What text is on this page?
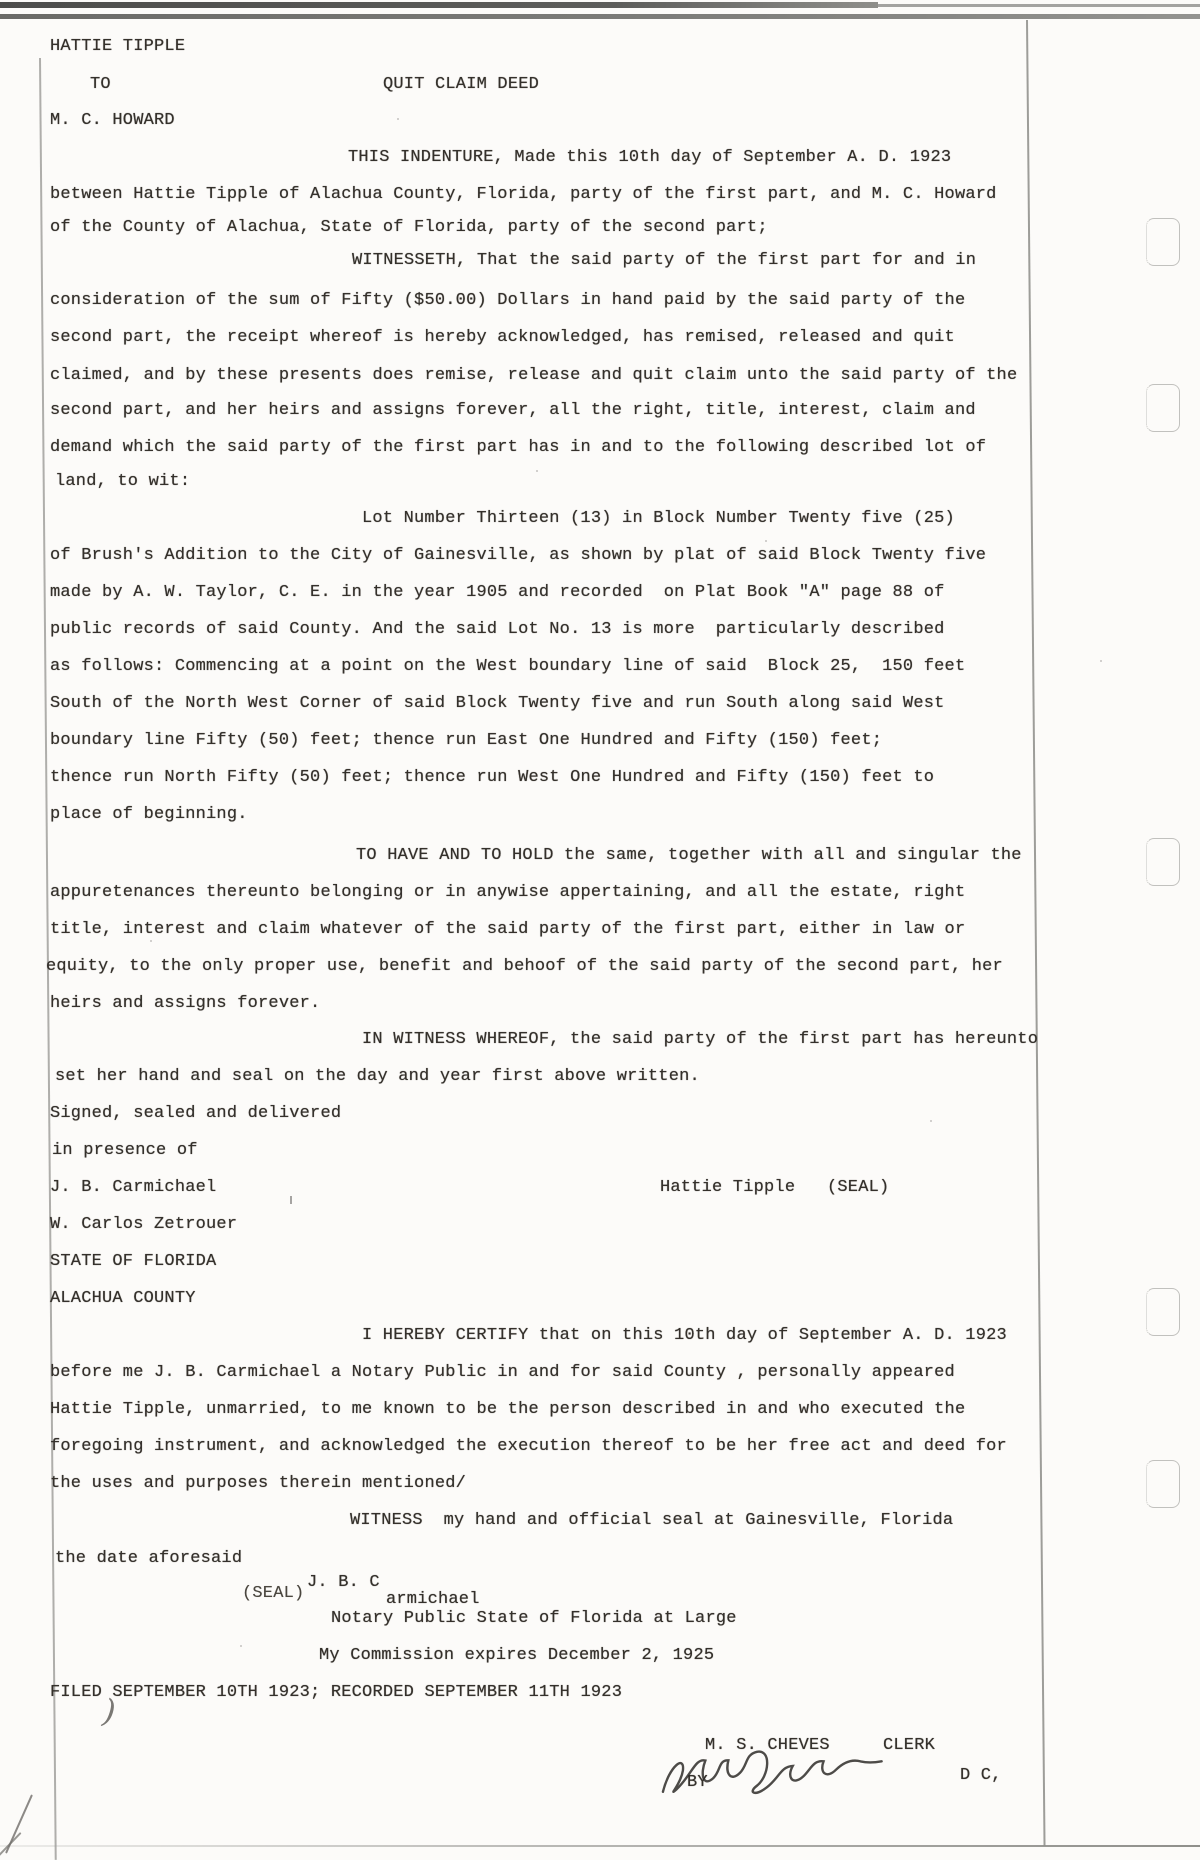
HATTIE TIPPLE
TO	QUIT CLAIM DEED
M. C. HOWARD
THIS INDENTURE, Made this 10th day of September A. D. 1923
between Hattie Tipple of Alachua County, Florida, party of the first part, and M. C. Howard
of the County of Alachua, State of Florida, party of the second part;
WITNESSETH, That the said party of the first part for and in
consideration of the sum of Fifty ($50.00) Dollars in hand paid by the said party of the
second part, the receipt whereof is hereby acknowledged, has remised, released and quit
claimed, and by these presents does remise, release and quit claim unto the said party of the
second part, and her heirs and assigns forever, all the right, title, interest, claim and
demand which the said party of the first part has in and to the following described lot of
land, to wit:
Lot Number Thirteen (13) in Block Number Twenty five (25)
of Brush's Addition to the City of Gainesville, as shown by plat of said Block Twenty five
made by A. W. Taylor, C. E. in the year 1905 and recorded  on Plat Book "A" page 88 of
public records of said County. And the said Lot No. 13 is more  particularly described
as follows: Commencing at a point on the West boundary line of said  Block 25,  150 feet
South of the North West Corner of said Block Twenty five and run South along said West
boundary line Fifty (50) feet; thence run East One Hundred and Fifty (150) feet;
thence run North Fifty (50) feet; thence run West One Hundred and Fifty (150) feet to
place of beginning.
TO HAVE AND TO HOLD the same, together with all and singular the
appuretenances thereunto belonging or in anywise appertaining, and all the estate, right
title, interest and claim whatever of the said party of the first part, either in law or
equity, to the only proper use, benefit and behoof of the said party of the second part, her
heirs and assigns forever.
IN WITNESS WHEREOF, the said party of the first part has hereunto
set her hand and seal on the day and year first above written.
Signed, sealed and delivered
in presence of
J. B. Carmichael	Hattie Tipple (SEAL)
W. Carlos Zetrouer
STATE OF FLORIDA
ALACHUA COUNTY
I HEREBY CERTIFY that on this 10th day of September A. D. 1923
before me J. B. Carmichael a Notary Public in and for said County , personally appeared
Hattie Tipple, unmarried, to me known to be the person described in and who executed the
foregoing instrument, and acknowledged the execution thereof to be her free act and deed for
the uses and purposes therein mentioned/
WITNESS  my hand and official seal at Gainesville, Florida
the date aforesaid
(SEAL)
J. B. C
armichael
Notary Public State of Florida at Large
My Commission expires December 2, 1925
FILED SEPTEMBER 10TH 1923; RECORDED SEPTEMBER 11TH 1923
)
M. S. CHEVES	CLERK
BY	D C,
